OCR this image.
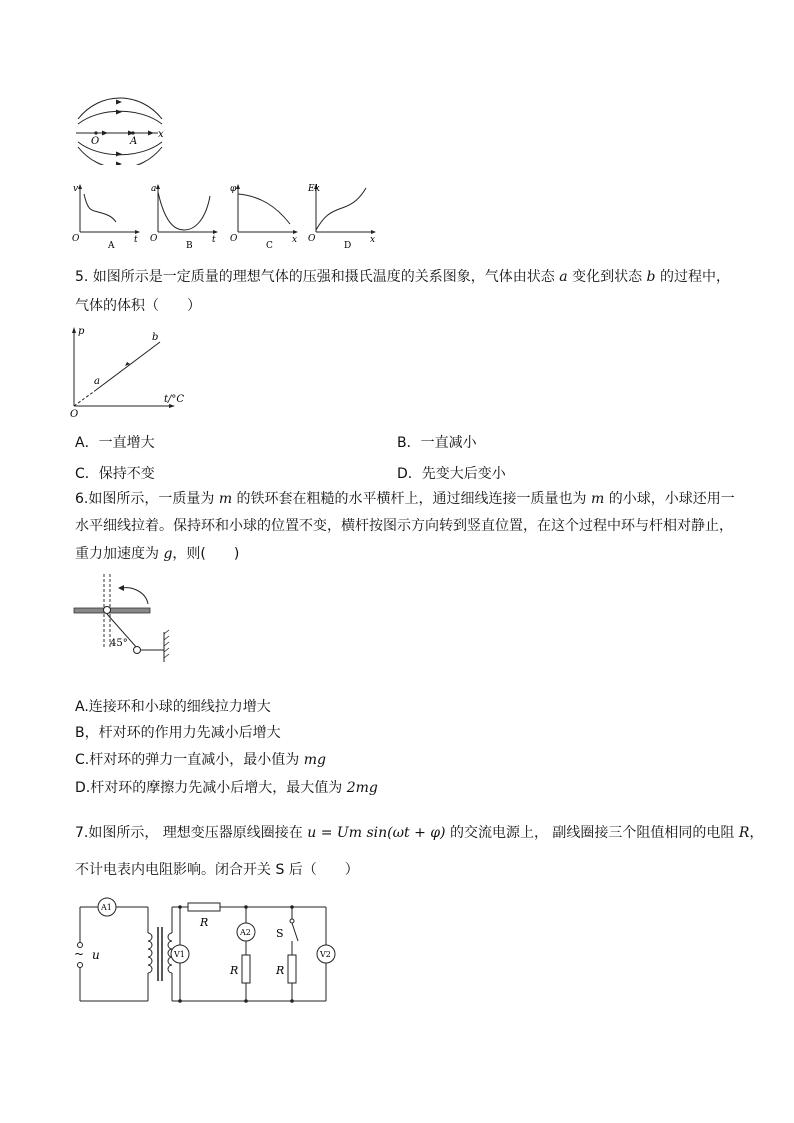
x
O	A
v
t
O
A
a
t
O
B
φ
x
O
C
Ek
x
O
D
5. 如图所示是一定质量的理想气体的压强和摄氏温度的关系图象，气体由状态 a 变化到状态 b 的过程中，
气体的体积（　　）
p
t/°C
O
a
b
A．一直增大	B．一直减小
C．保持不变	D．先变大后变小
6.如图所示，一质量为 m 的铁环套在粗糙的水平横杆上，通过细线连接一质量也为 m 的小球，小球还用一
水平细线拉着。保持环和小球的位置不变，横杆按图示方向转到竖直位置，在这个过程中环与杆相对静止，
重力加速度为 g，则(　　)
45°
A.连接环和小球的细线拉力增大
B，杆对环的作用力先减小后增大
C.杆对环的弹力一直减小，最小值为 mg
D.杆对环的摩擦力先减小后增大，最大值为 2mg
7.如图所示， 理想变压器原线圈接在 u = Um sin(ωt + φ) 的交流电源上， 副线圈接三个阻值相同的电阻 R，
不计电表内电阻影响。闭合开关 S 后（　　）
A1
V1
A2
V2
R
R	R
S
~ u
